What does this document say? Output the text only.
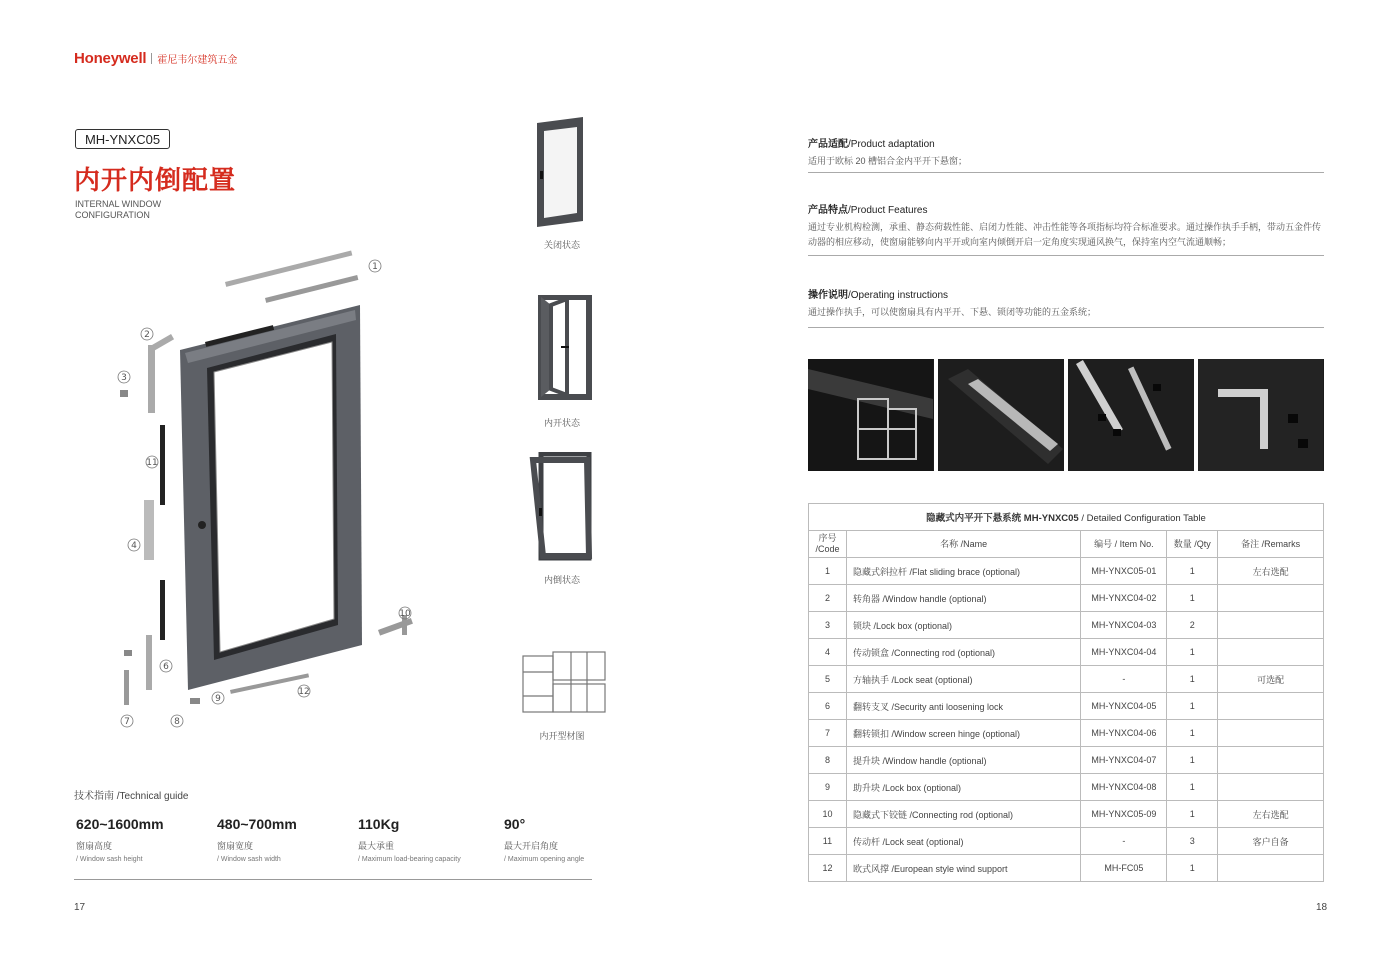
Honeywell 霍尼韦尔建筑五金
MH-YNXC05
内开内倒配置
INTERNAL WINDOW
CONFIGURATION
1
2
3
4
6
7	8
9
10
11
12
关闭状态
内开状态
内倒状态
内开型材图
技术指南 /Technical guide
620~1600mm
窗扇高度
/ Window sash height
480~700mm
窗扇宽度
/ Window sash width
110Kg
最大承重
/ Maximum load-bearing capacity
90°
最大开启角度
/ Maximum opening angle
17	18
产品适配/Product adaptation
适用于欧标 20 槽铝合金内平开下悬窗；
产品特点/Product Features
通过专业机构检测，承重、静态荷载性能、启闭力性能、冲击性能等各项指标均符合标准要求。通过操作执手手柄，带动五金件传动器的相应移动，使窗扇能够向内平开或向室内倾倒开启一定角度实现通风换气，保持室内空气流通顺畅；
操作说明/Operating instructions
通过操作执手，可以使窗扇具有内平开、下悬、锁闭等功能的五金系统；
隐藏式内平开下悬系统 MH-YNXC05 / Detailed Configuration Table				
序号
/Code	名称 /Name	编号 / Item No.	数量 /Qty	备注 /Remarks
1	隐藏式斜拉杆 /Flat sliding brace (optional)	MH-YNXC05-01	1	左右选配
2	转角器 /Window handle (optional)	MH-YNXC04-02	1	
3	锁块 /Lock box (optional)	MH-YNXC04-03	2	
4	传动锁盒 /Connecting rod (optional)	MH-YNXC04-04	1	
5	方轴执手 /Lock seat (optional)	-	1	可选配
6	翻转支叉 /Security anti loosening lock	MH-YNXC04-05	1	
7	翻转锁扣 /Window screen hinge (optional)	MH-YNXC04-06	1	
8	提升块 /Window handle (optional)	MH-YNXC04-07	1	
9	助升块 /Lock box (optional)	MH-YNXC04-08	1	
10	隐藏式下铰链 /Connecting rod (optional)	MH-YNXC05-09	1	左右选配
11	传动杆 /Lock seat (optional)	-	3	客户自备
12	欧式风撑 /European style wind support	MH-FC05	1	
